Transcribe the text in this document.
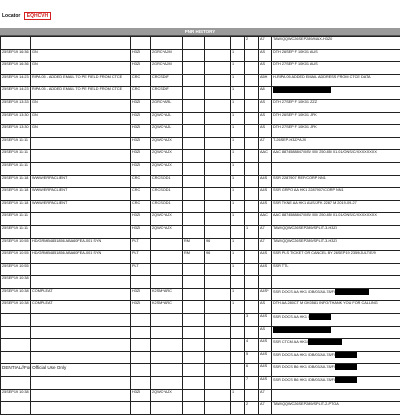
Locator EQHCVH
PNR HISTORY
							2	A7	TAW/QQWC26SEP289/MAX-H3Z0
25SEP19 16:36	GN	H3ZI	2GRC*AJM			1		AS	DTH 26SEP F 10K01 AUS
25SEP19 16:36	GN	H3ZI	2GRC*AJM			1		AS	DTH 27SEP F 10K01 AUS
25SEP19 14:23	RIPA 05 - ADDED EMAIL TO PE FIELD FROM CTCE	CRC	CRCSDIF			1		A5H	H-RIPA 05 ADDED EMAIL ADDRESS FROM CTCE DATA
25SEP19 14:23	RIPA 05 - ADDED EMAIL TO PE FIELD FROM CTCE	CRC	CRCSDIF			1		A8	
25SEP19 13:33	GN	H3ZI	2GRC*ARL			1		AS	DTH 27SEP F 10K01 ZZZ
25SEP19 13:30	GN	H3ZI	2QWC*AJL			1		AS	DTH 26SEP F 10K01 JFK
25SEP19 13:30	GN	H3ZI	2QWC*AJL			1		AS	DTH 27SEP F 10K01 JFK
25SEP19 11:11		H3ZI	2QWC*AJX			1		A7	T-26SEP-H3Z/*AJX
25SEP19 11:11		H3ZI	2QWC*AJX			1		AAC	AAC 8874588847/0/B/ /00/ 250.85/ 01.01/ONS/C/XXXXXXXX
25SEP19 11:11		H3ZI	2QWC*AJX			1			
25SEP19 11:18	WWW/ERPACLIENT	CRC	CRCSOD1			1		A4S	SSR 2287907 REF/CORP NN1
25SEP19 11:18	WWW/ERPACLIENT	CRC	CRCSOD1			1		A4S	SSR GRPO AA HK1 2287907/CORP NN1
25SEP19 11:18	WWW/ERPACLIENT	CRC	CRCSOD1			1		A4S	SSR TKNE AA HK1 AUS/JFK 2287 M 2019-09-27
25SEP19 11:11		H3ZI	2QWC*AJX			1		AAC	AAC 8874588847/0/B/ /00/ 250.85/ 01.01/ONS/C/XXXXXXXX
25SEP19 11:11		H3ZI	2QWC*AJX				1	A7	TAW/QQWC26SEP289/SPLIT-3-H3ZI
25SEP19 10:55	HD/GRMB4851856 ABA60FEA-001 SYN	PLT		RM	96	1		A7	TAW/QQWC26SEP289/SPLIT-3-H3ZI
25SEP19 10:55	HD/GRMB4851856 ABA60FEA-001 SYN	PLT		RM	96	1		A4S	SSR PLS TICKET OR CANCEL BY 26SEP19 2359/JULT/E/9
25SEP19 10:55		PLT				1		A4S	SSR TTL
25SEP19 10:38									
25SEP19 10:38	COMPLEAT	H3ZI	K2SM*ARC			1		A4S*	SSR DOCS AA HK1 /DB/03JUL78/F/
25SEP19 10:38	COMPLEAT	H3ZI	K2SM*ARC			1		AS	DTH AA 280CT M GK0581 INFO/THANK YOU FOR CALLING
							3	A4S	SSR DOCS AA HK1 /
								AS	
							4	A4S	SSR CTCM AA HK1/
							5	A4S	SSR DOCS AA HK1 /DB/03JUL78/F/
							6	A4S	SSR DOCS B6 HK1 /DB/03JUL78/F/
							7	A4S	SSR DOCS B6 HK1 /DB/03JUL78/F/
25SEP19 10:38		H3ZI	2QWC*AJX			1		A7	
							2	A7	TAW/QQWC26SEP289/SPLIT-2-PTOA
DENTIAL//For Official Use Only
